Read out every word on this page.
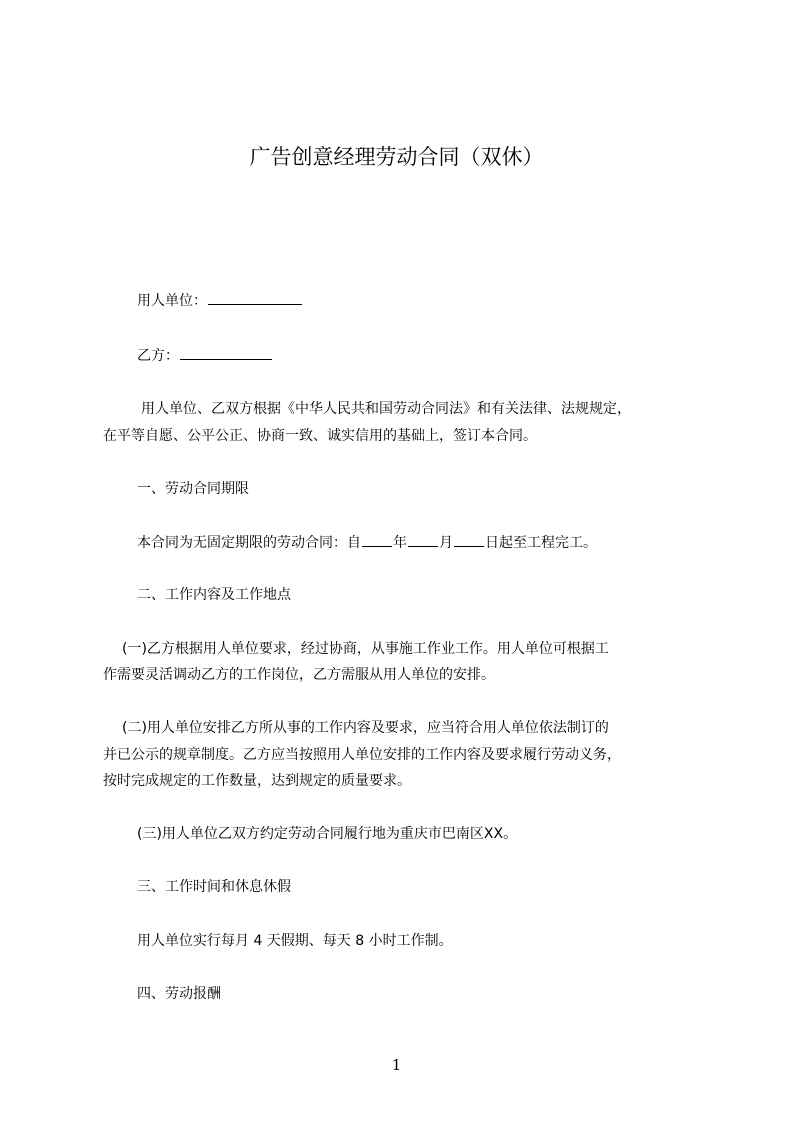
广告创意经理劳动合同（双休）
用人单位：
乙方：
用人单位、乙双方根据《中华人民共和国劳动合同法》和有关法律、法规规定，
在平等自愿、公平公正、协商一致、诚实信用的基础上，签订本合同。
一、劳动合同期限
本合同为无固定期限的劳动合同：自 年 月 日起至工程完工。
二、工作内容及工作地点
(一)乙方根据用人单位要求，经过协商，从事施工作业工作。用人单位可根据工
作需要灵活调动乙方的工作岗位，乙方需服从用人单位的安排。
(二)用人单位安排乙方所从事的工作内容及要求，应当符合用人单位依法制订的
并已公示的规章制度。乙方应当按照用人单位安排的工作内容及要求履行劳动义务，
按时完成规定的工作数量，达到规定的质量要求。
(三)用人单位乙双方约定劳动合同履行地为重庆市巴南区XX。
三、工作时间和休息休假
用人单位实行每月 4 天假期、每天 8 小时工作制。
四、劳动报酬
1
